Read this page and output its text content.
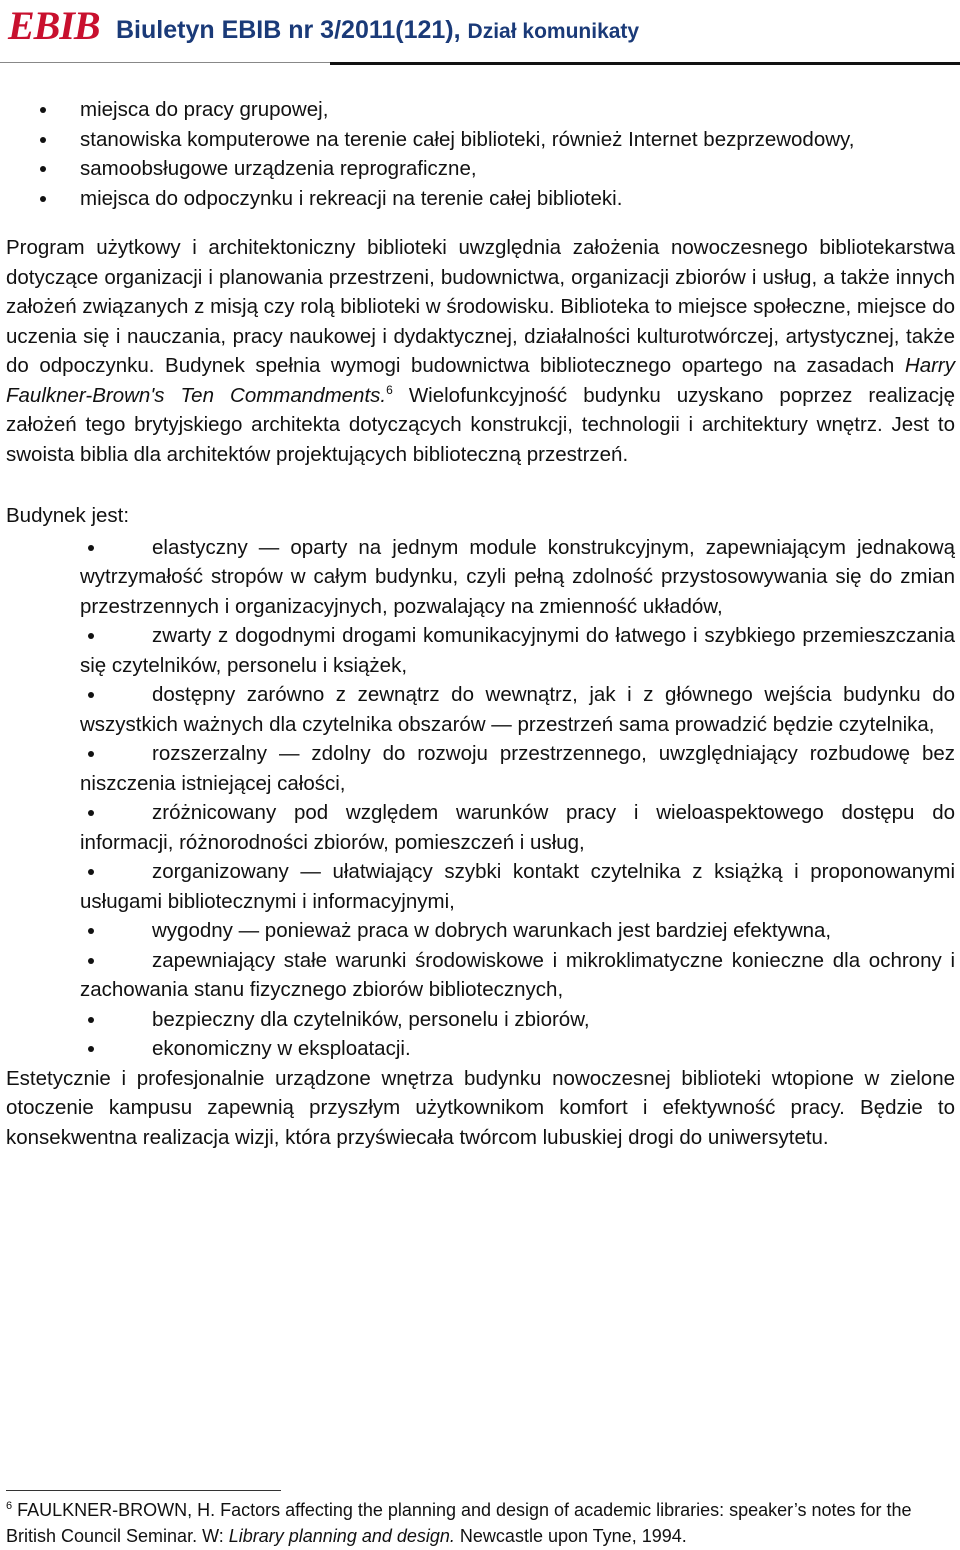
EBIB Biuletyn EBIB nr 3/2011(121), Dział komunikaty
miejsca do pracy grupowej,
stanowiska komputerowe na terenie całej biblioteki, również Internet bezprzewodowy,
samoobsługowe urządzenia reprograficzne,
miejsca do odpoczynku i rekreacji na terenie całej biblioteki.

Program użytkowy i architektoniczny biblioteki uwzględnia założenia nowoczesnego bibliotekarstwa dotyczące organizacji i planowania przestrzeni, budownictwa, organizacji zbiorów i usług, a także innych założeń związanych z misją czy rolą biblioteki w środowisku. Biblioteka to miejsce społeczne, miejsce do uczenia się i nauczania, pracy naukowej i dydaktycznej, działalności kulturotwórczej, artystycznej, także do odpoczynku. Budynek spełnia wymogi budownictwa bibliotecznego opartego na zasadach Harry Faulkner-Brown's Ten Commandments.$^6$ Wielofunkcyjność budynku uzyskano poprzez realizację założeń tego brytyjskiego architekta dotyczących konstrukcji, technologii i architektury wnętrz. Jest to swoista biblia dla architektów projektujących biblioteczną przestrzeń.

Budynek jest:

elastyczny — oparty na jednym module konstrukcyjnym, zapewniającym jednakową wytrzymałość stropów w całym budynku, czyli pełną zdolność przystosowywania się do zmian przestrzennych i organizacyjnych, pozwalający na zmienność układów,
zwarty z dogodnymi drogami komunikacyjnymi do łatwego i szybkiego przemieszczania się czytelników, personelu i książek,
dostępny zarówno z zewnątrz do wewnątrz, jak i z głównego wejścia budynku do wszystkich ważnych dla czytelnika obszarów — przestrzeń sama prowadzić będzie czytelnika,
rozszerzalny — zdolny do rozwoju przestrzennego, uwzględniający rozbudowę bez niszczenia istniejącej całości,
zróżnicowany pod względem warunków pracy i wieloaspektowego dostępu do informacji, różnorodności zbiorów, pomieszczeń i usług,
zorganizowany — ułatwiający szybki kontakt czytelnika z książką i proponowanymi usługami bibliotecznymi i informacyjnymi,
wygodny — ponieważ praca w dobrych warunkach jest bardziej efektywna,
zapewniający stałe warunki środowiskowe i mikroklimatyczne konieczne dla ochrony i zachowania stanu fizycznego zbiorów bibliotecznych,
bezpieczny dla czytelników, personelu i zbiorów,
ekonomiczny w eksploatacji.

Estetycznie i profesjonalnie urządzone wnętrza budynku nowoczesnej biblioteki wtopione w zielone otoczenie kampusu zapewnią przyszłym użytkownikom komfort i efektywność pracy. Będzie to konsekwentna realizacja wizji, która przyświecała twórcom lubuskiej drogi do uniwersytetu.

$^6$ FAULKNER-BROWN, H. Factors affecting the planning and design of academic libraries: speaker’s notes for the British Council Seminar. W: Library planning and design. Newcastle upon Tyne, 1994.
